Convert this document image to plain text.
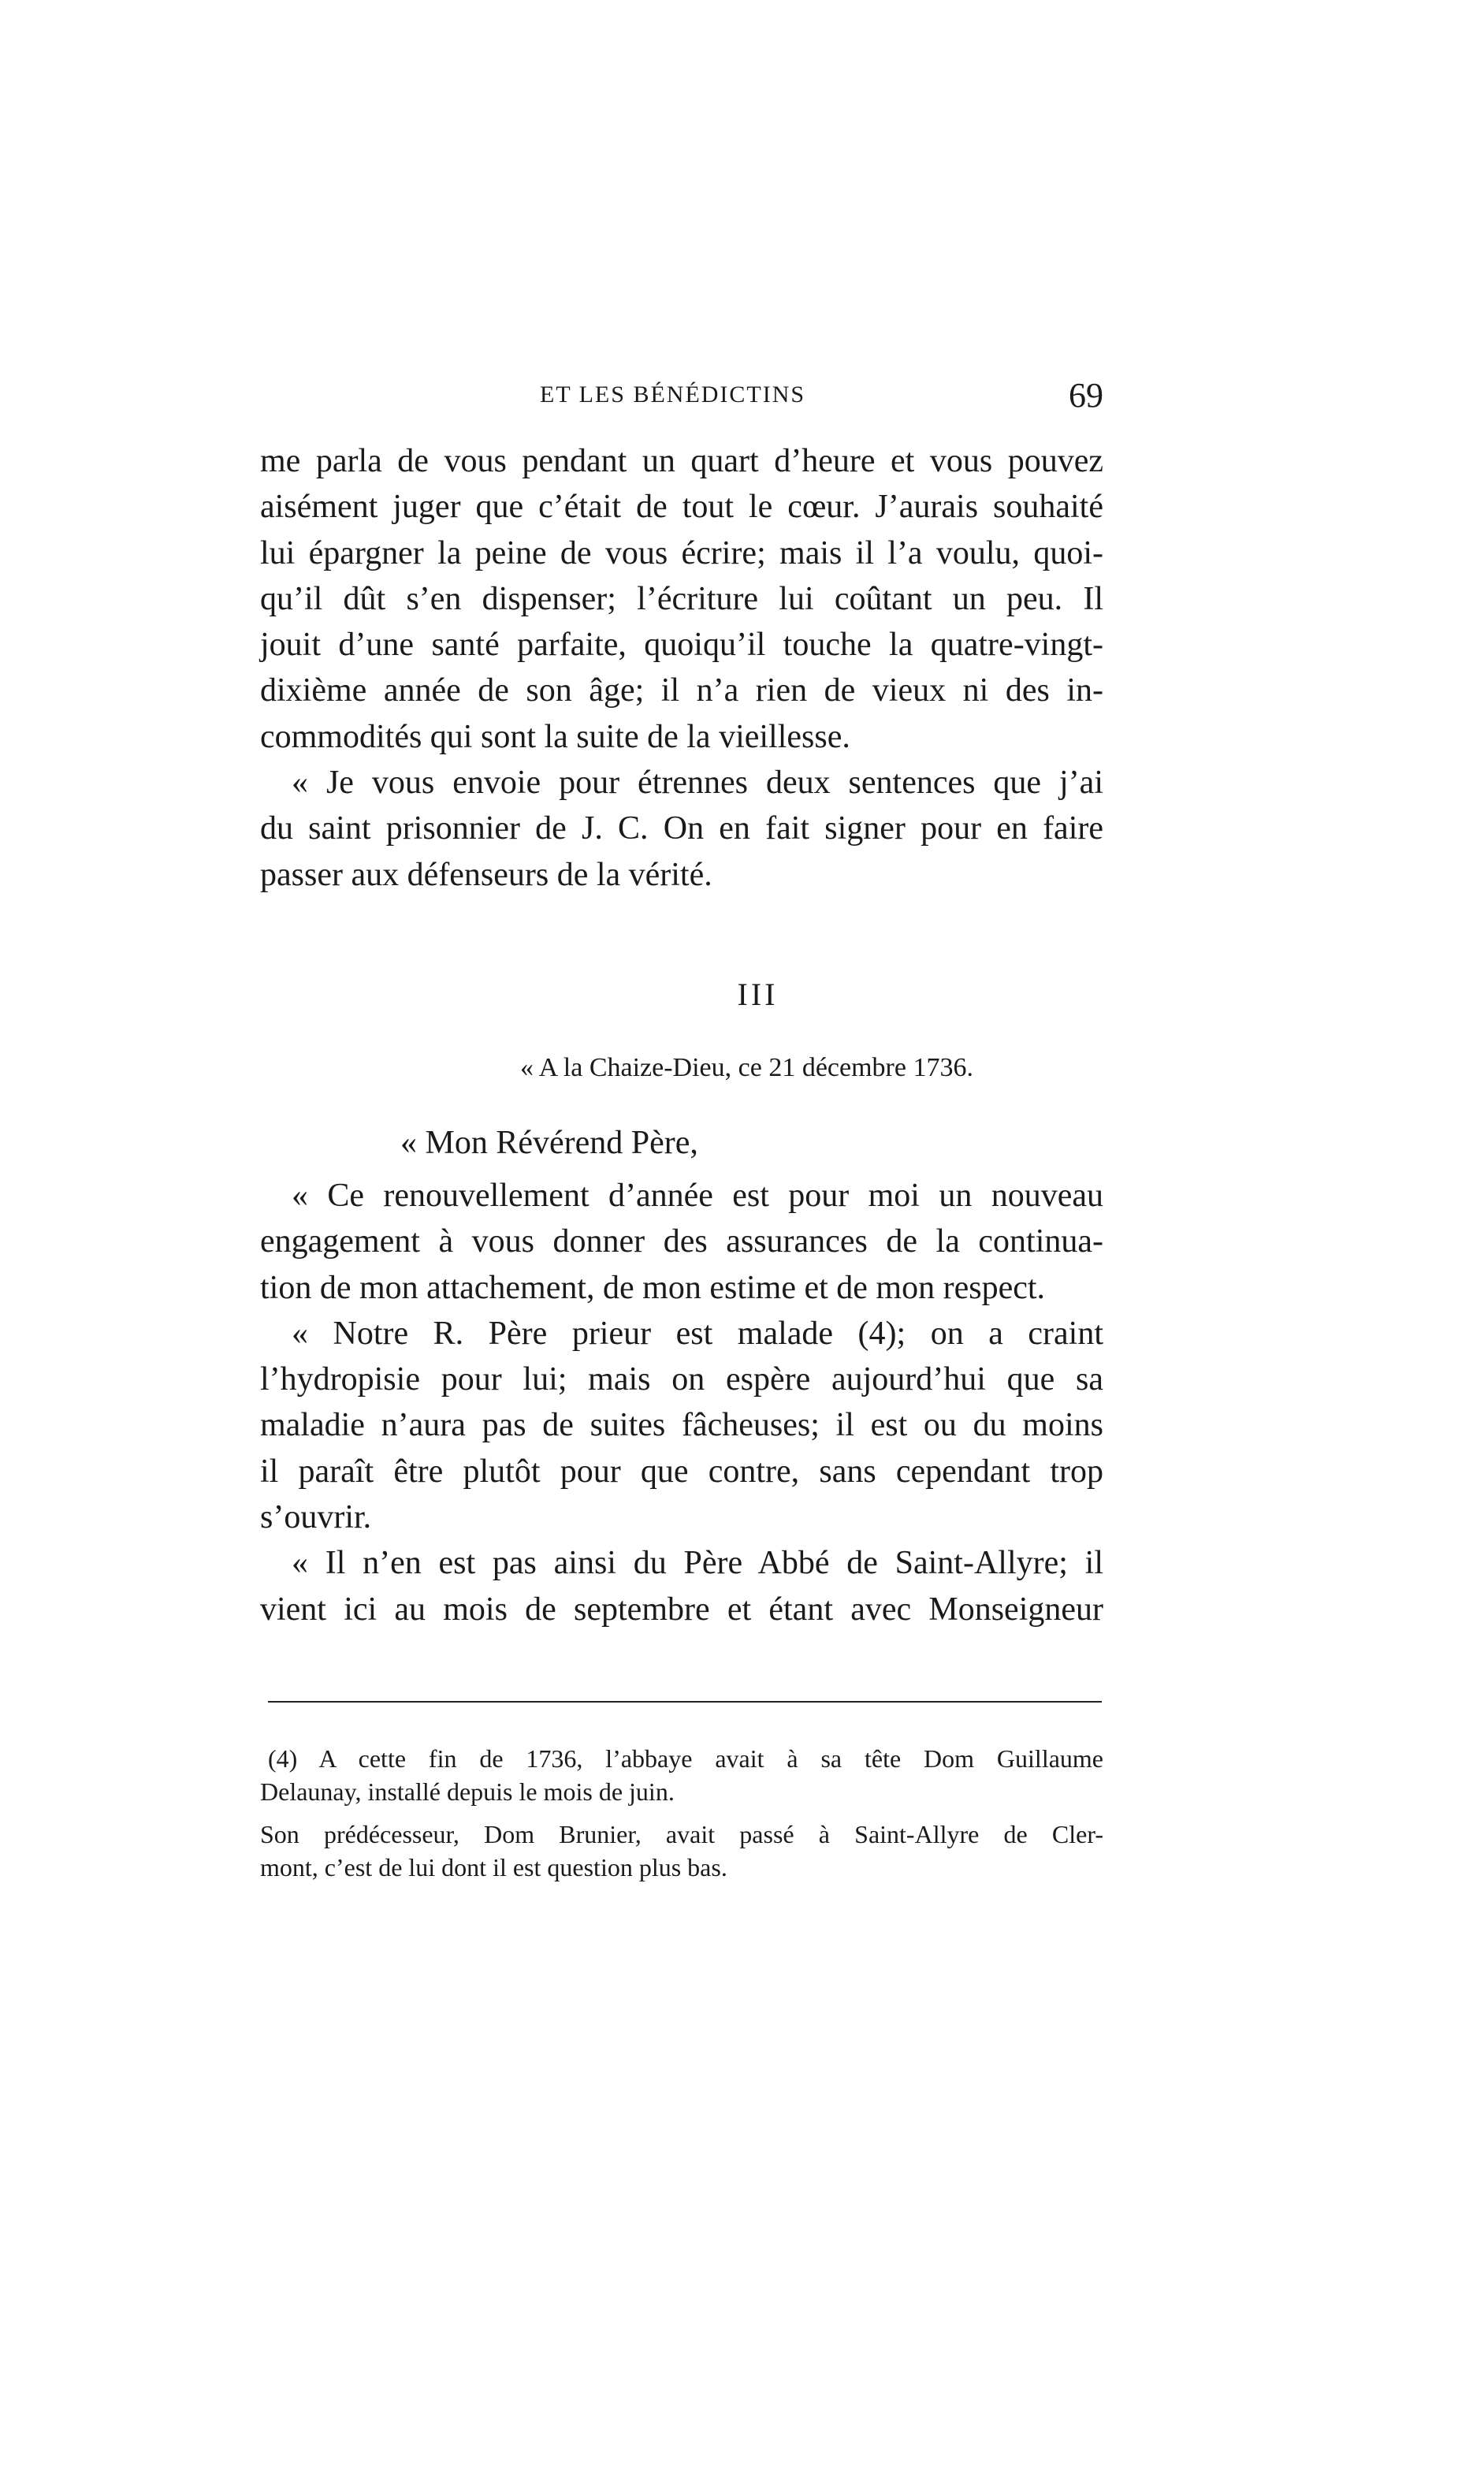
ET LES BÉNÉDICTINS	69
me parla de vous pendant un quart d’heure et vous pouvez
aisément juger que c’était de tout le cœur. J’aurais souhaité
lui épargner la peine de vous écrire; mais il l’a voulu, quoi-
qu’il dût s’en dispenser; l’écriture lui coûtant un peu. Il
jouit d’une santé parfaite, quoiqu’il touche la quatre-vingt-
dixième année de son âge; il n’a rien de vieux ni des in-
commodités qui sont la suite de la vieillesse.
« Je vous envoie pour étrennes deux sentences que j’ai
du saint prisonnier de J. C. On en fait signer pour en faire
passer aux défenseurs de la vérité.
III
« A la Chaize-Dieu, ce 21 décembre 1736.
« Mon Révérend Père,
« Ce renouvellement d’année est pour moi un nouveau
engagement à vous donner des assurances de la continua-
tion de mon attachement, de mon estime et de mon respect.
« Notre R. Père prieur est malade (4); on a craint
l’hydropisie pour lui; mais on espère aujourd’hui que sa
maladie n’aura pas de suites fâcheuses; il est ou du moins
il paraît être plutôt pour que contre, sans cependant trop
s’ouvrir.
« Il n’en est pas ainsi du Père Abbé de Saint-Allyre; il
vient ici au mois de septembre et étant avec Monseigneur
(4) A cette fin de 1736, l’abbaye avait à sa tête Dom Guillaume
Delaunay, installé depuis le mois de juin.
Son prédécesseur, Dom Brunier, avait passé à Saint-Allyre de Cler-
mont, c’est de lui dont il est question plus bas.
